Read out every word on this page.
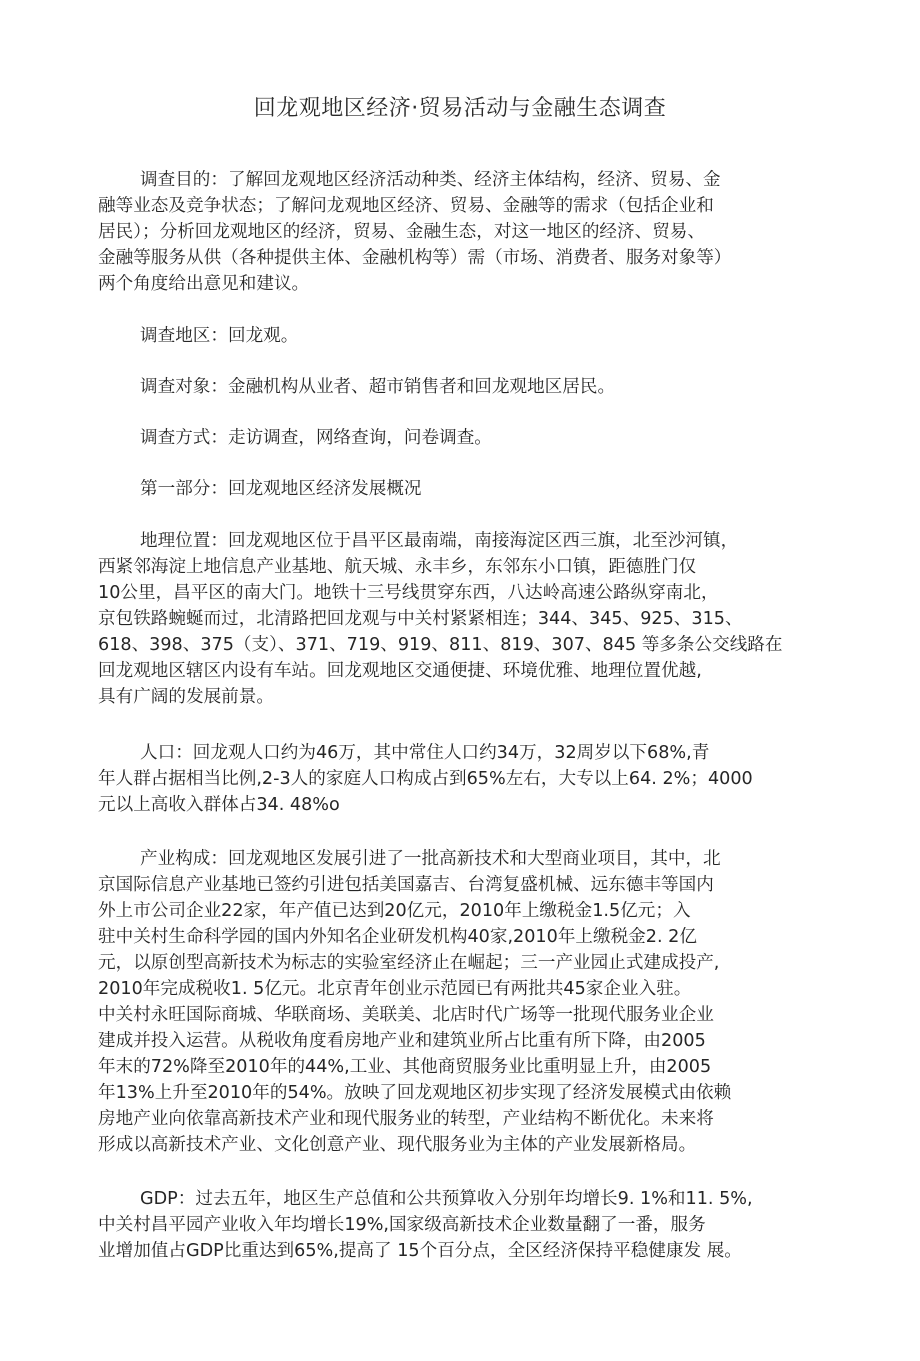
回龙观地区经济·贸易活动与金融生态调查
调查目的：了解回龙观地区经济活动种类、经济主体结构，经济、贸易、金
融等业态及竞争状态；了解问龙观地区经济、贸易、金融等的需求（包括企业和
居民）；分析回龙观地区的经济，贸易、金融生态，对这一地区的经济、贸易、
金融等服务从供（各种提供主体、金融机构等）需（市场、消费者、服务对象等）
两个角度给出意见和建议。
调查地区：回龙观。
调查对象：金融机构从业者、超市销售者和回龙观地区居民。
调查方式：走访调查，网络查询，问卷调查。
第一部分：回龙观地区经济发展概况
地理位置：回龙观地区位于昌平区最南端，南接海淀区西三旗，北至沙河镇，
西紧邻海淀上地信息产业基地、航天城、永丰乡，东邻东小口镇，距德胜门仅
10公里，昌平区的南大门。地铁十三号线贯穿东西，八达岭高速公路纵穿南北，
京包铁路蜿蜒而过，北清路把回龙观与中关村紧紧相连；344、345、925、315、
618、398、375（支）、371、719、919、811、819、307、845 等多条公交线路在
回龙观地区辖区内设有车站。回龙观地区交通便捷、环境优雅、地理位置优越,
具有广阔的发展前景。
人口：回龙观人口约为46万，其中常住人口约34万，32周岁以下68%,青
年人群占据相当比例,2-3人的家庭人口构成占到65%左右，大专以上64. 2%；4000
元以上高收入群体占34. 48%o
产业构成：回龙观地区发展引进了一批高新技术和大型商业项目，其中，北
京国际信息产业基地已签约引进包括美国嘉吉、台湾复盛机械、远东德丰等国内
外上市公司企业22家，年产值已达到20亿元，2010年上缴税金1.5亿元；入
驻中关村生命科学园的国内外知名企业研发机构40家,2010年上缴税金2. 2亿
元，以原创型高新技术为标志的实验室经济止在崛起；三一产业园止式建成投产,
2010年完成税收1. 5亿元。北京青年创业示范园已有两批共45家企业入驻。
中关村永旺国际商城、华联商场、美联美、北店时代广场等一批现代服务业企业
建成并投入运营。从税收角度看房地产业和建筑业所占比重有所下降，由2005
年末的72%降至2010年的44%,工业、其他商贸服务业比重明显上升，由2005
年13%上升至2010年的54%。放映了回龙观地区初步实现了经济发展模式由依赖
房地产业向依靠高新技术产业和现代服务业的转型，产业结构不断优化。未来将
形成以高新技术产业、文化创意产业、现代服务业为主体的产业发展新格局。
GDP：过去五年，地区生产总值和公共预算收入分别年均增长9. 1%和11. 5%,
中关村昌平园产业收入年均增长19%,国家级高新技术企业数量翻了一番，服务
业增加值占GDP比重达到65%,提高了 15个百分点，全区经济保持平稳健康发 展。
